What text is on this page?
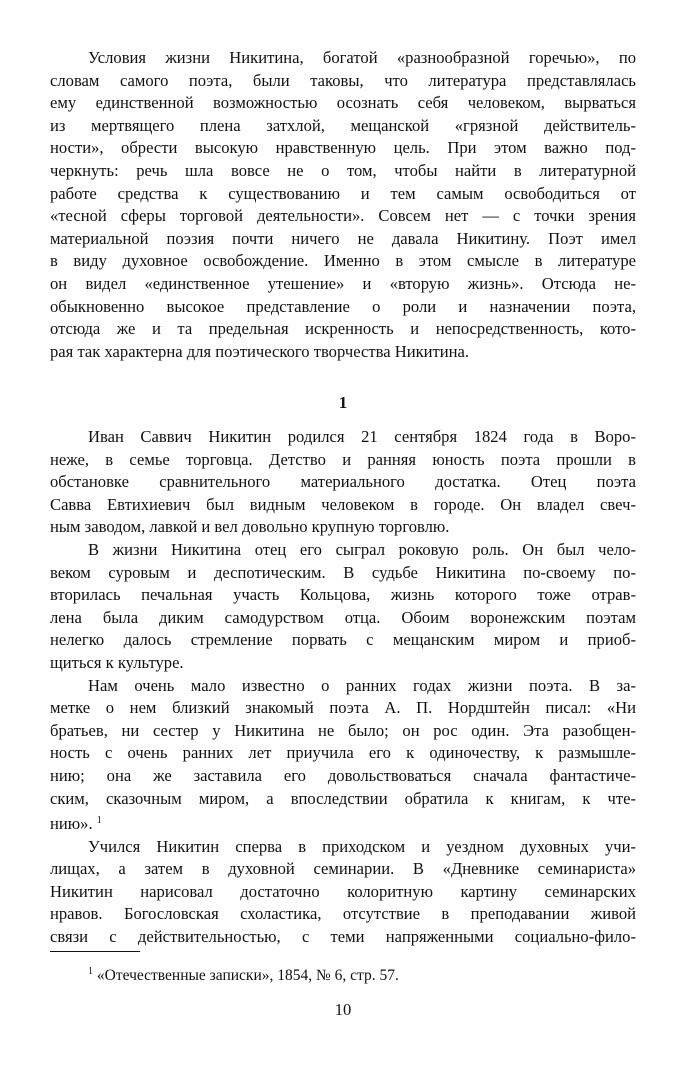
Условия жизни Никитина, богатой «разнообразной горечью», по
словам самого поэта, были таковы, что литература представлялась
ему единственной возможностью осознать себя человеком, вырваться
из мертвящего плена затхлой, мещанской «грязной действитель-
ности», обрести высокую нравственную цель. При этом важно под-
черкнуть: речь шла вовсе не о том, чтобы найти в литературной
работе средства к существованию и тем самым освободиться от
«тесной сферы торговой деятельности». Совсем нет — с точки зрения
материальной поэзия почти ничего не давала Никитину. Поэт имел
в виду духовное освобождение. Именно в этом смысле в литературе
он видел «единственное утешение» и «вторую жизнь». Отсюда не-
обыкновенно высокое представление о роли и назначении поэта,
отсюда же и та предельная искренность и непосредственность, кото-
рая так характерна для поэтического творчества Никитина.
1
Иван Саввич Никитин родился 21 сентября 1824 года в Воро-
неже, в семье торговца. Детство и ранняя юность поэта прошли в
обстановке сравнительного материального достатка. Отец поэта
Савва Евтихиевич был видным человеком в городе. Он владел свеч-
ным заводом, лавкой и вел довольно крупную торговлю.
В жизни Никитина отец его сыграл роковую роль. Он был чело-
веком суровым и деспотическим. В судьбе Никитина по-своему по-
вторилась печальная участь Кольцова, жизнь которого тоже отрав-
лена была диким самодурством отца. Обоим воронежским поэтам
нелегко далось стремление порвать с мещанским миром и приоб-
щиться к культуре.
Нам очень мало известно о ранних годах жизни поэта. В за-
метке о нем близкий знакомый поэта А. П. Нордштейн писал: «Ни
братьев, ни сестер у Никитина не было; он рос один. Эта разобщен-
ность с очень ранних лет приучила его к одиночеству, к размышле-
нию; она же заставила его довольствоваться сначала фантастиче-
ским, сказочным миром, а впоследствии обратила к книгам, к чте-
нию». $^1$
Учился Никитин сперва в приходском и уездном духовных учи-
лищах, а затем в духовной семинарии. В «Дневнике семинариста»
Никитин нарисовал достаточно колоритную картину семинарских
нравов. Богословская схоластика, отсутствие в преподавании живой
связи с действительностью, с теми напряженными социально-фило-
$^1$ «Отечественные записки», 1854, № 6, стр. 57.
10
